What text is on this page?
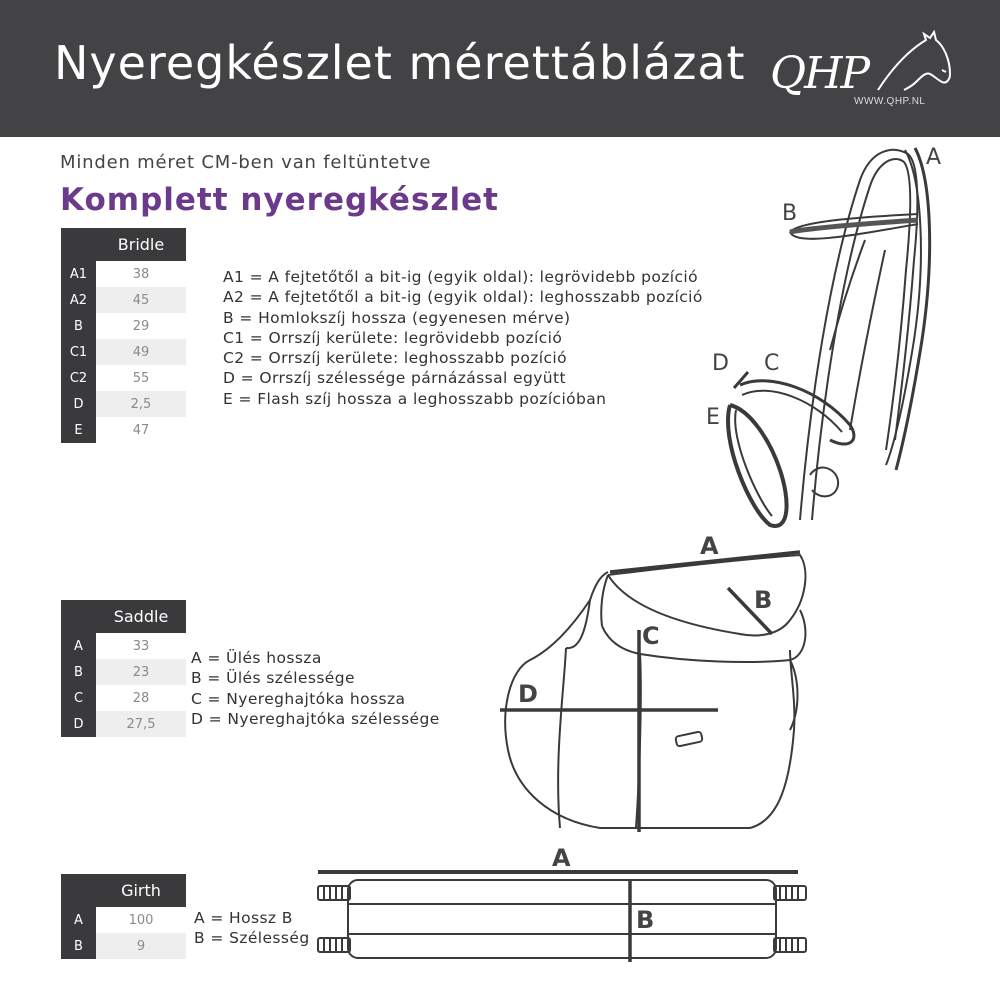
Nyeregkészlet mérettáblázat QHP
WWW.QHP.NL
Minden méret CM-ben van feltüntetve
Komplett nyeregkészlet
Bridle
A1	38
A2	45
B	29
C1	49
C2	55
D	2,5
E	47
A1 = A fejtetőtől a bit-ig (egyik oldal): legrövidebb pozíció
A2 = A fejtetőtől a bit-ig (egyik oldal): leghosszabb pozíció
B = Homlokszíj hossza (egyenesen mérve)
C1 = Orrszíj kerülete: legrövidebb pozíció
C2 = Orrszíj kerülete: leghosszabb pozíció
D = Orrszíj szélessége párnázással együtt
E = Flash szíj hossza a leghosszabb pozícióban
A
B
C
D
E
Saddle
A	33
B	23
C	28
D	27,5
A = Ülés hossza
B = Ülés szélessége
C = Nyereghajtóka hossza
D = Nyereghajtóka szélessége
A
B
C
D
Girth
A	100
B	9
A = Hossz B
B = Szélesség
A
B
